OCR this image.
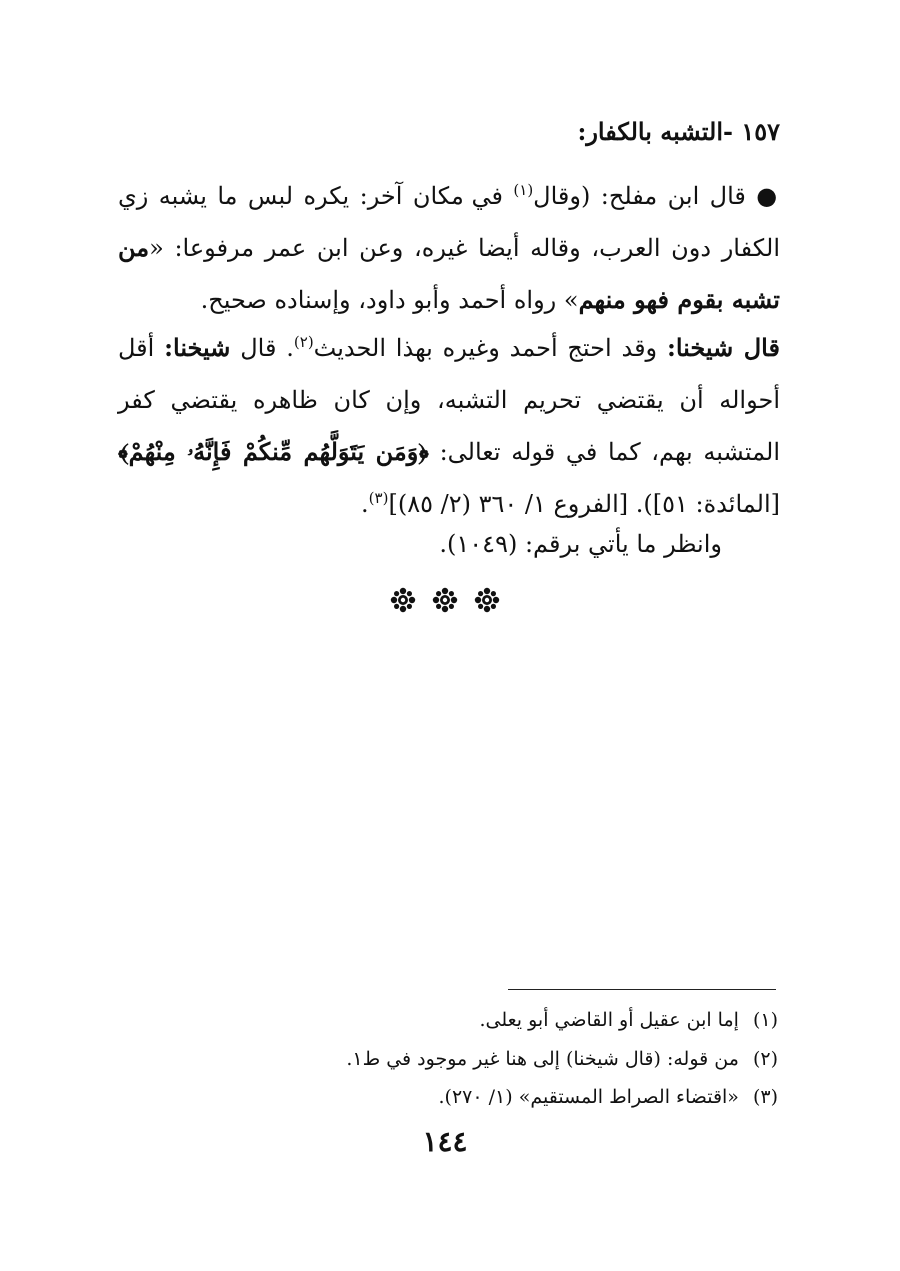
١٥٧ -التشبه بالكفار:
● قال ابن مفلح: (وقال$^{(١)}$ في مكان آخر: يكره لبس ما يشبه زي الكفار دون العرب، وقاله أيضا غيره، وعن ابن عمر مرفوعا: «من تشبه بقوم فهو منهم» رواه أحمد وأبو داود، وإسناده صحيح.
قال شيخنا: وقد احتج أحمد وغيره بهذا الحديث$^{(٢)}$. قال شيخنا: أقل أحواله أن يقتضي تحريم التشبه، وإن كان ظاهره يقتضي كفر المتشبه بهم، كما في قوله تعالى: ﴿وَمَن يَتَوَلَّهُم مِّنكُمْ فَإِنَّهُۥ مِنْهُمْ﴾ [المائدة: ٥١]). [الفروع ١/ ٣٦٠ (٢/ ٨٥)]$^{(٣)}$.
وانظر ما يأتي برقم: (١٠٤٩).
(١)إما ابن عقيل أو القاضي أبو يعلى.
(٢)من قوله: (قال شيخنا) إلى هنا غير موجود في ط١.
(٣)«اقتضاء الصراط المستقيم» (١/ ٢٧٠).
١٤٤
